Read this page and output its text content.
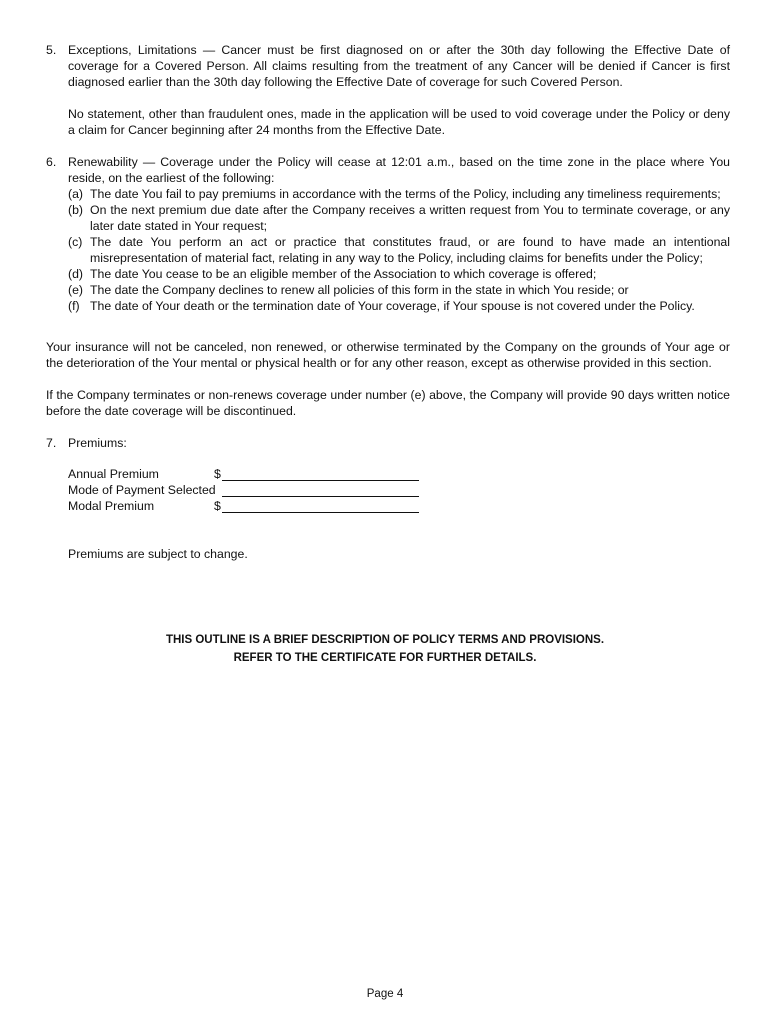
5. Exceptions, Limitations — Cancer must be first diagnosed on or after the 30th day following the Effective Date of coverage for a Covered Person. All claims resulting from the treatment of any Cancer will be denied if Cancer is first diagnosed earlier than the 30th day following the Effective Date of coverage for such Covered Person.

No statement, other than fraudulent ones, made in the application will be used to void coverage under the Policy or deny a claim for Cancer beginning after 24 months from the Effective Date.

6. Renewability — Coverage under the Policy will cease at 12:01 a.m., based on the time zone in the place where You reside, on the earliest of the following:

(a) The date You fail to pay premiums in accordance with the terms of the Policy, including any timeliness requirements;
(b) On the next premium due date after the Company receives a written request from You to terminate coverage, or any later date stated in Your request;
(c) The date You perform an act or practice that constitutes fraud, or are found to have made an intentional misrepresentation of material fact, relating in any way to the Policy, including claims for benefits under the Policy;
(d) The date You cease to be an eligible member of the Association to which coverage is offered;
(e) The date the Company declines to renew all policies of this form in the state in which You reside; or
(f) The date of Your death or the termination date of Your coverage, if Your spouse is not covered under the Policy.

Your insurance will not be canceled, non renewed, or otherwise terminated by the Company on the grounds of Your age or the deterioration of the Your mental or physical health or for any other reason, except as otherwise provided in this section.

If the Company terminates or non-renews coverage under number (e) above, the Company will provide 90 days written notice before the date coverage will be discontinued.

7. Premiums:

Annual Premium	$
Mode of Payment Selected
Modal Premium	$

Premiums are subject to change.

THIS OUTLINE IS A BRIEF DESCRIPTION OF POLICY TERMS AND PROVISIONS.
REFER TO THE CERTIFICATE FOR FURTHER DETAILS.
Page 4
